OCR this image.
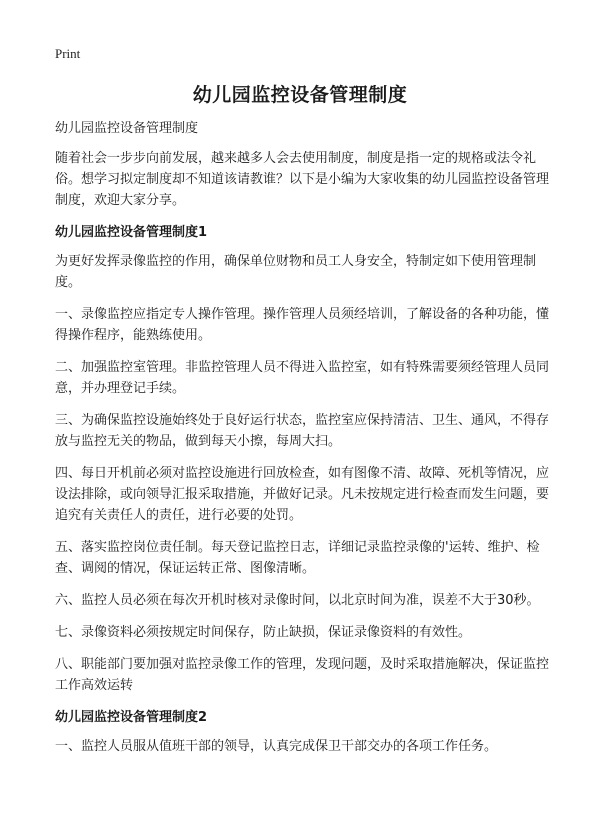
Print
幼儿园监控设备管理制度

幼儿园监控设备管理制度

随着社会一步步向前发展，越来越多人会去使用制度，制度是指一定的规格或法令礼俗。想学习拟定制度却不知道该请教谁？以下是小编为大家收集的幼儿园监控设备管理制度，欢迎大家分享。

幼儿园监控设备管理制度1

为更好发挥录像监控的作用，确保单位财物和员工人身安全，特制定如下使用管理制度。

一、录像监控应指定专人操作管理。操作管理人员须经培训，了解设备的各种功能，懂得操作程序，能熟练使用。

二、加强监控室管理。非监控管理人员不得进入监控室，如有特殊需要须经管理人员同意，并办理登记手续。

三、为确保监控设施始终处于良好运行状态，监控室应保持清洁、卫生、通风，不得存放与监控无关的物品，做到每天小擦，每周大扫。

四、每日开机前必须对监控设施进行回放检查，如有图像不清、故障、死机等情况，应设法排除，或向领导汇报采取措施，并做好记录。凡未按规定进行检查而发生问题，要追究有关责任人的责任，进行必要的处罚。

五、落实监控岗位责任制。每天登记监控日志，详细记录监控录像的'运转、维护、检查、调阅的情况，保证运转正常、图像清晰。

六、监控人员必须在每次开机时核对录像时间，以北京时间为准，误差不大于30秒。

七、录像资料必须按规定时间保存，防止缺损，保证录像资料的有效性。

八、职能部门要加强对监控录像工作的管理，发现问题，及时采取措施解决，保证监控工作高效运转

幼儿园监控设备管理制度2

一、监控人员服从值班干部的领导，认真完成保卫干部交办的各项工作任务。
